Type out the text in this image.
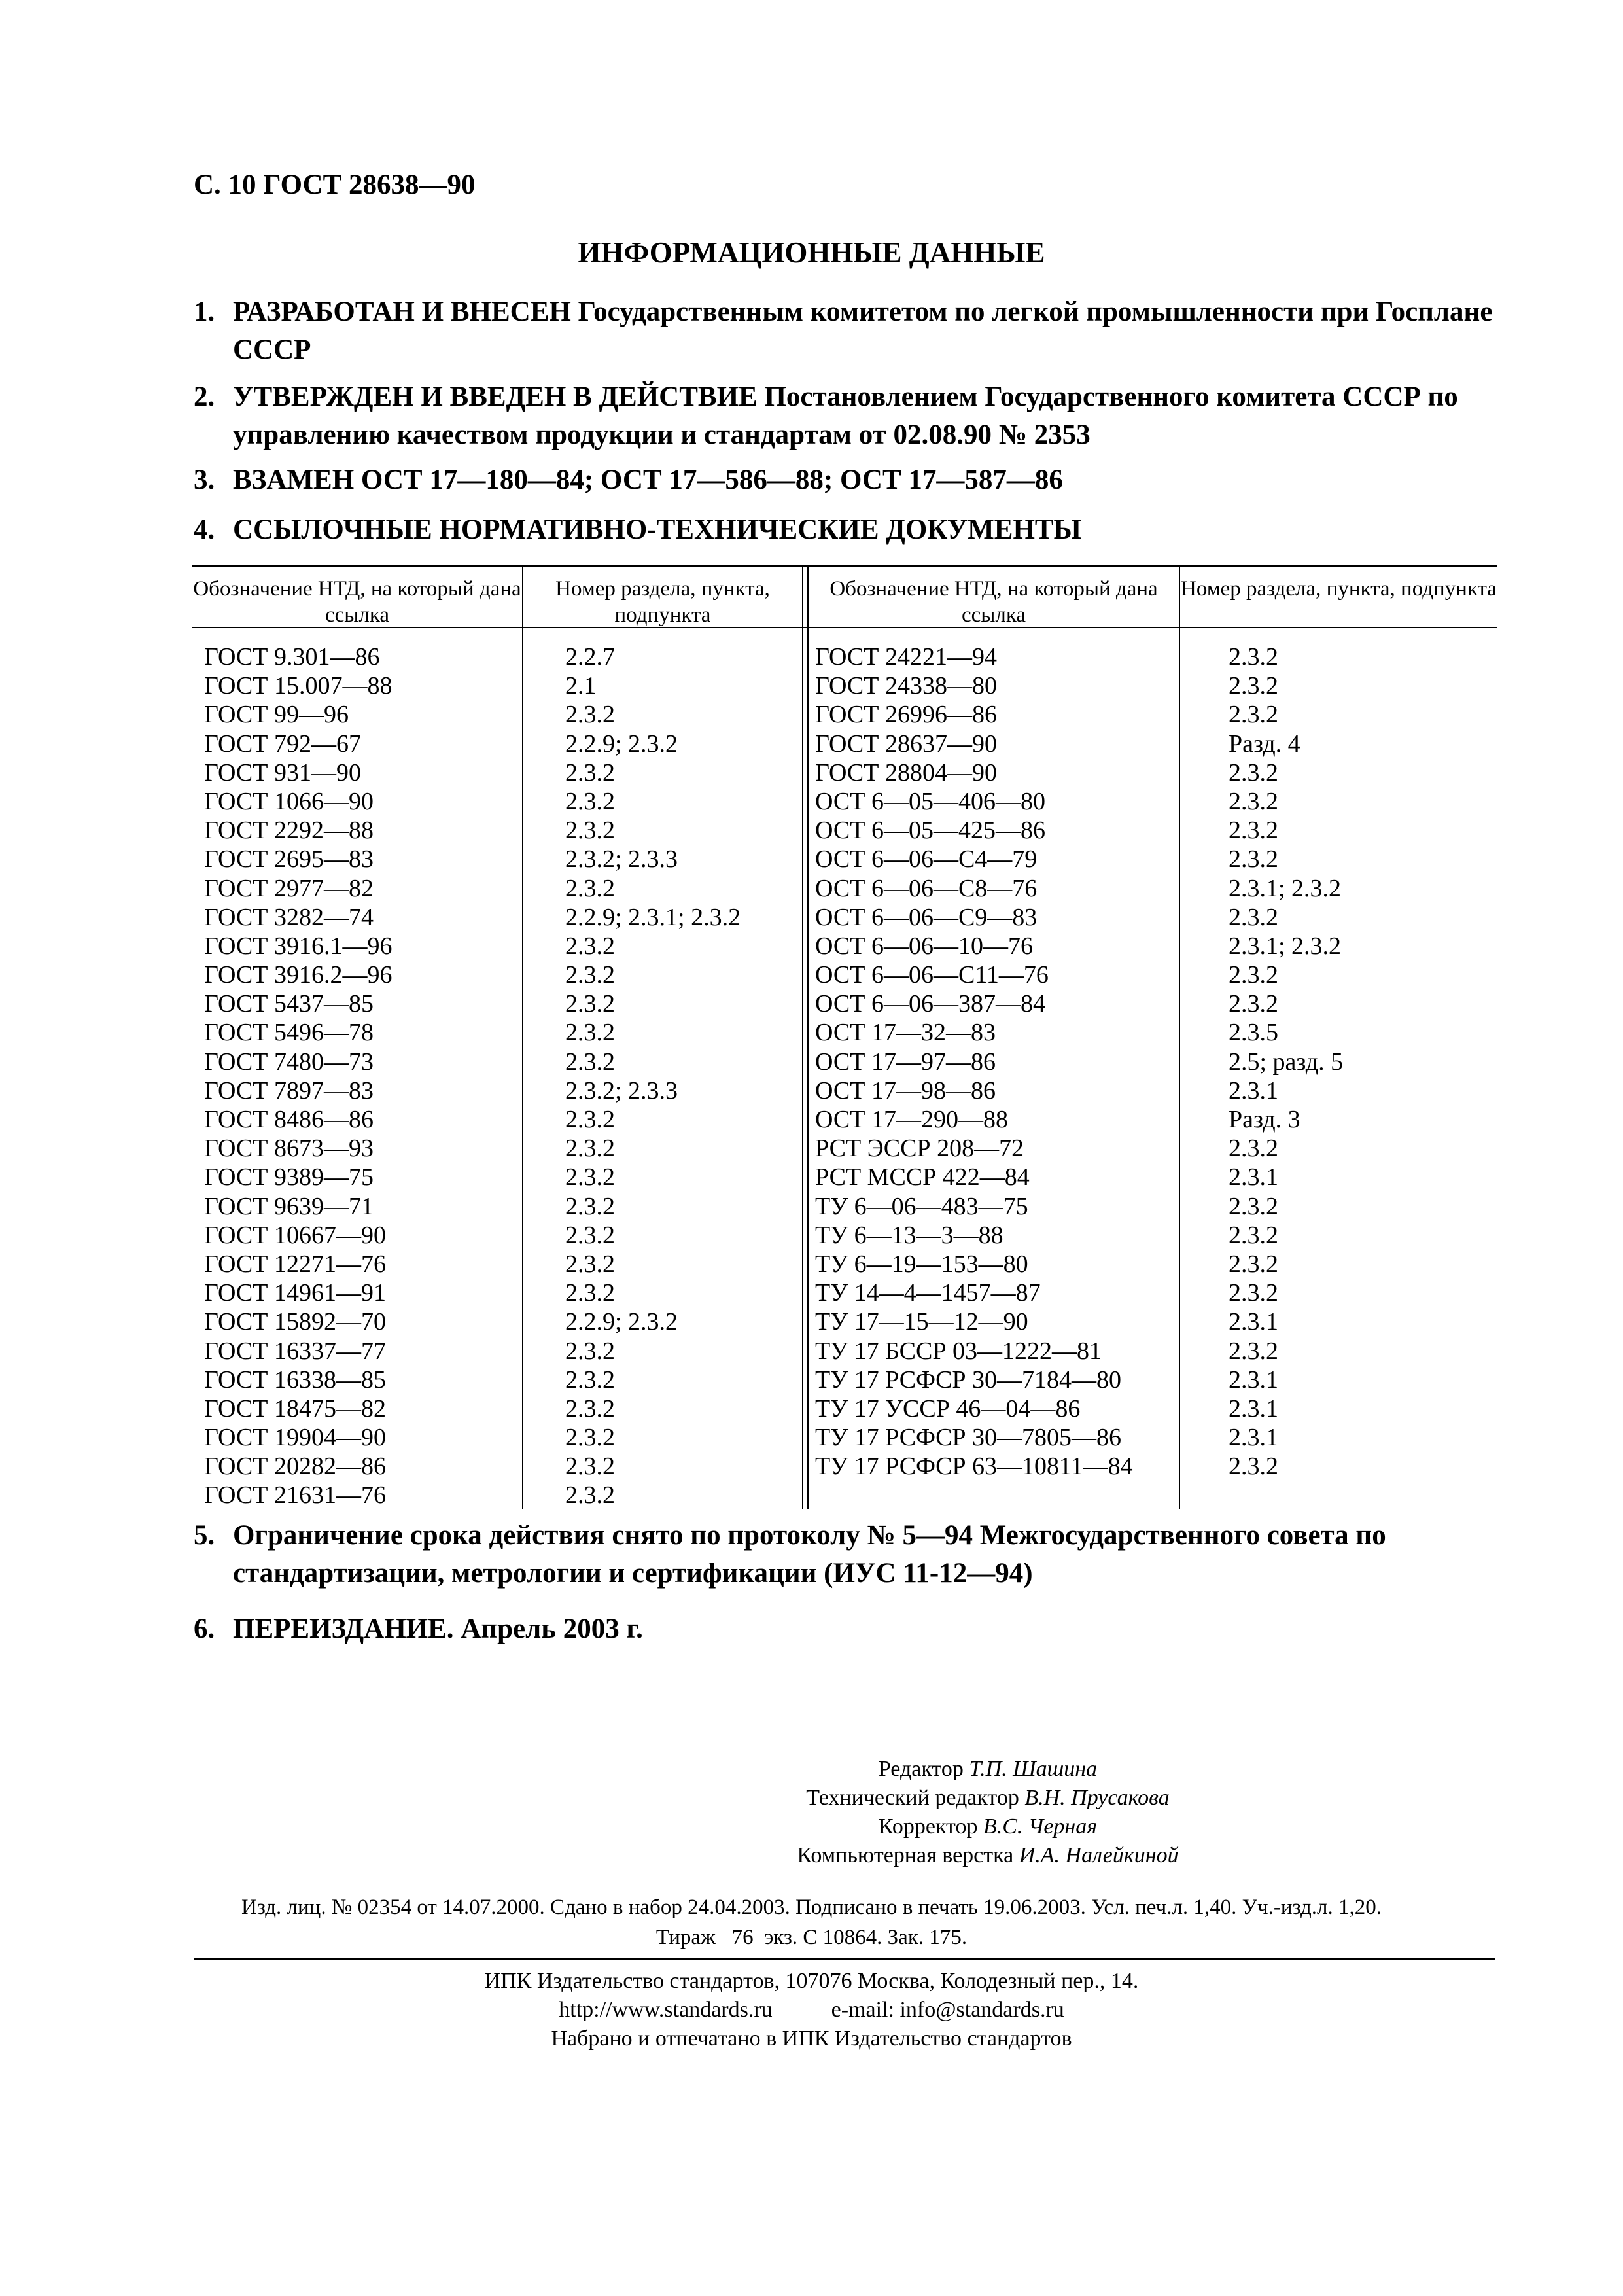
С. 10 ГОСТ 28638—90
ИНФОРМАЦИОННЫЕ ДАННЫЕ
1. РАЗРАБОТАН И ВНЕСЕН Государственным комитетом по легкой промышленности при Госплане СССР
2. УТВЕРЖДЕН И ВВЕДЕН В ДЕЙСТВИЕ Постановлением Государственного комитета СССР по управлению качеством продукции и стандартам от 02.08.90 № 2353
3. ВЗАМЕН ОСТ 17—180—84; ОСТ 17—586—88; ОСТ 17—587—86
4. ССЫЛОЧНЫЕ НОРМАТИВНО-ТЕХНИЧЕСКИЕ ДОКУМЕНТЫ
Обозначение НТД, на который дана ссылка
Номер раздела, пункта, подпункта
Обозначение НТД, на который дана ссылка
Номер раздела, пункта, подпункта
ГОСТ 9.301—86
ГОСТ 15.007—88
ГОСТ 99—96
ГОСТ 792—67
ГОСТ 931—90
ГОСТ 1066—90
ГОСТ 2292—88
ГОСТ 2695—83
ГОСТ 2977—82
ГОСТ 3282—74
ГОСТ 3916.1—96
ГОСТ 3916.2—96
ГОСТ 5437—85
ГОСТ 5496—78
ГОСТ 7480—73
ГОСТ 7897—83
ГОСТ 8486—86
ГОСТ 8673—93
ГОСТ 9389—75
ГОСТ 9639—71
ГОСТ 10667—90
ГОСТ 12271—76
ГОСТ 14961—91
ГОСТ 15892—70
ГОСТ 16337—77
ГОСТ 16338—85
ГОСТ 18475—82
ГОСТ 19904—90
ГОСТ 20282—86
ГОСТ 21631—76
2.2.7
2.1
2.3.2
2.2.9; 2.3.2
2.3.2
2.3.2
2.3.2
2.3.2; 2.3.3
2.3.2
2.2.9; 2.3.1; 2.3.2
2.3.2
2.3.2
2.3.2
2.3.2
2.3.2
2.3.2; 2.3.3
2.3.2
2.3.2
2.3.2
2.3.2
2.3.2
2.3.2
2.3.2
2.2.9; 2.3.2
2.3.2
2.3.2
2.3.2
2.3.2
2.3.2
2.3.2
ГОСТ 24221—94
ГОСТ 24338—80
ГОСТ 26996—86
ГОСТ 28637—90
ГОСТ 28804—90
ОСТ 6—05—406—80
ОСТ 6—05—425—86
ОСТ 6—06—С4—79
ОСТ 6—06—С8—76
ОСТ 6—06—С9—83
ОСТ 6—06—10—76
ОСТ 6—06—С11—76
ОСТ 6—06—387—84
ОСТ 17—32—83
ОСТ 17—97—86
ОСТ 17—98—86
ОСТ 17—290—88
РСТ ЭССР 208—72
РСТ МССР 422—84
ТУ 6—06—483—75
ТУ 6—13—3—88
ТУ 6—19—153—80
ТУ 14—4—1457—87
ТУ 17—15—12—90
ТУ 17 БССР 03—1222—81
ТУ 17 РСФСР 30—7184—80
ТУ 17 УССР 46—04—86
ТУ 17 РСФСР 30—7805—86
ТУ 17 РСФСР 63—10811—84
2.3.2
2.3.2
2.3.2
Разд. 4
2.3.2
2.3.2
2.3.2
2.3.2
2.3.1; 2.3.2
2.3.2
2.3.1; 2.3.2
2.3.2
2.3.2
2.3.5
2.5; разд. 5
2.3.1
Разд. 3
2.3.2
2.3.1
2.3.2
2.3.2
2.3.2
2.3.2
2.3.1
2.3.2
2.3.1
2.3.1
2.3.1
2.3.2
5. Ограничение срока действия снято по протоколу № 5—94 Межгосударственного совета по стандартизации, метрологии и сертификации (ИУС 11-12—94)
6. ПЕРЕИЗДАНИЕ. Апрель 2003 г.
Редактор Т.П. Шашина
Технический редактор В.Н. Прусакова
Корректор В.С. Черная
Компьютерная верстка И.А. Налейкиной
Изд. лиц. № 02354 от 14.07.2000. Сдано в набор 24.04.2003. Подписано в печать 19.06.2003. Усл. печ.л. 1,40. Уч.-изд.л. 1,20.
Тираж   76  экз. С 10864. Зак. 175.
ИПК Издательство стандартов, 107076 Москва, Колодезный пер., 14.
http://www.standards.ru	e-mail: info@standards.ru
Набрано и отпечатано в ИПК Издательство стандартов
